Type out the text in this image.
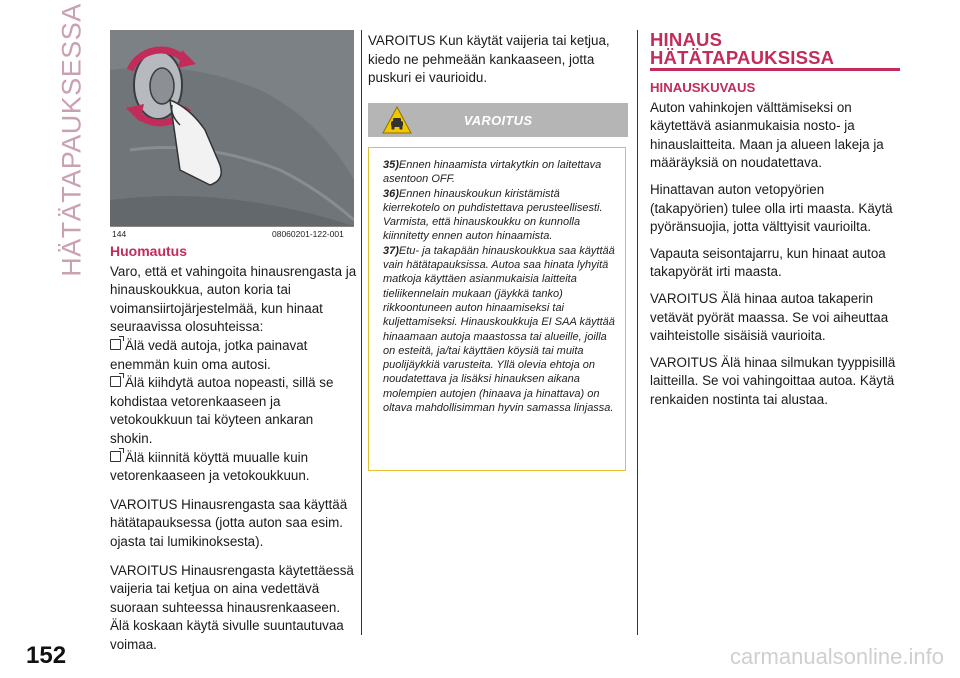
HÄTÄTAPAUKSESSA	144	08060201-122-001
Huomautus

Varo, että et vahingoita hinausrengasta ja hinauskoukkua, auton koria tai voimansiirtojärjestelmää, kun hinaat seuraavissa olosuhteissa:

Älä vedä autoja, jotka painavat enemmän kuin oma autosi.

Älä kiihdytä autoa nopeasti, sillä se kohdistaa vetorenkaaseen ja vetokoukkuun tai köyteen ankaran shokin.

Älä kiinnitä köyttä muualle kuin vetorenkaaseen ja vetokoukkuun.

VAROITUS Hinausrengasta saa käyttää hätätapauksessa (jotta auton saa esim. ojasta tai lumikinoksesta).

VAROITUS Hinausrengasta käytettäessä vaijeria tai ketjua on aina vedettävä suoraan suhteessa hinausrenkaaseen. Älä koskaan käytä sivulle suuntautuvaa voimaa.

VAROITUS Kun käytät vaijeria tai ketjua, kiedo ne pehmeään kankaaseen, jotta puskuri ei vaurioidu.

VAROITUS

35)Ennen hinaamista virtakytkin on laitettava asentoon OFF.

36)Ennen hinauskoukun kiristämistä kierrekotelo on puhdistettava perusteellisesti. Varmista, että hinauskoukku on kunnolla kiinnitetty ennen auton hinaamista.

37)Etu- ja takapään hinauskoukkua saa käyttää vain hätätapauksissa. Autoa saa hinata lyhyitä matkoja käyttäen asianmukaisia laitteita tieliikennelain mukaan (jäykkä tanko) rikkoontuneen auton hinaamiseksi tai kuljettamiseksi. Hinauskoukkuja EI SAA käyttää hinaamaan autoja maastossa tai alueille, joilla on esteitä, ja/tai käyttäen köysiä tai muita puolijäykkiä varusteita. Yllä olevia ehtoja on noudatettava ja lisäksi hinauksen aikana molempien autojen (hinaava ja hinattava) on oltava mahdollisimman hyvin samassa linjassa.

HINAUS
HÄTÄTAPAUKSISSA
HINAUSKUVAUS

Auton vahinkojen välttämiseksi on käytettävä asianmukaisia nosto- ja hinauslaitteita. Maan ja alueen lakeja ja määräyksiä on noudatettava.

Hinattavan auton vetopyörien (takapyörien) tulee olla irti maasta. Käytä pyöränsuojia, jotta välttyisit vaurioilta.

Vapauta seisontajarru, kun hinaat autoa takapyörät irti maasta.

VAROITUS Älä hinaa autoa takaperin vetävät pyörät maassa. Se voi aiheuttaa vaihteistolle sisäisiä vaurioita.

VAROITUS Älä hinaa silmukan tyyppisillä laitteilla. Se voi vahingoittaa autoa. Käytä renkaiden nostinta tai alustaa.

152	carmanualsonline.info
